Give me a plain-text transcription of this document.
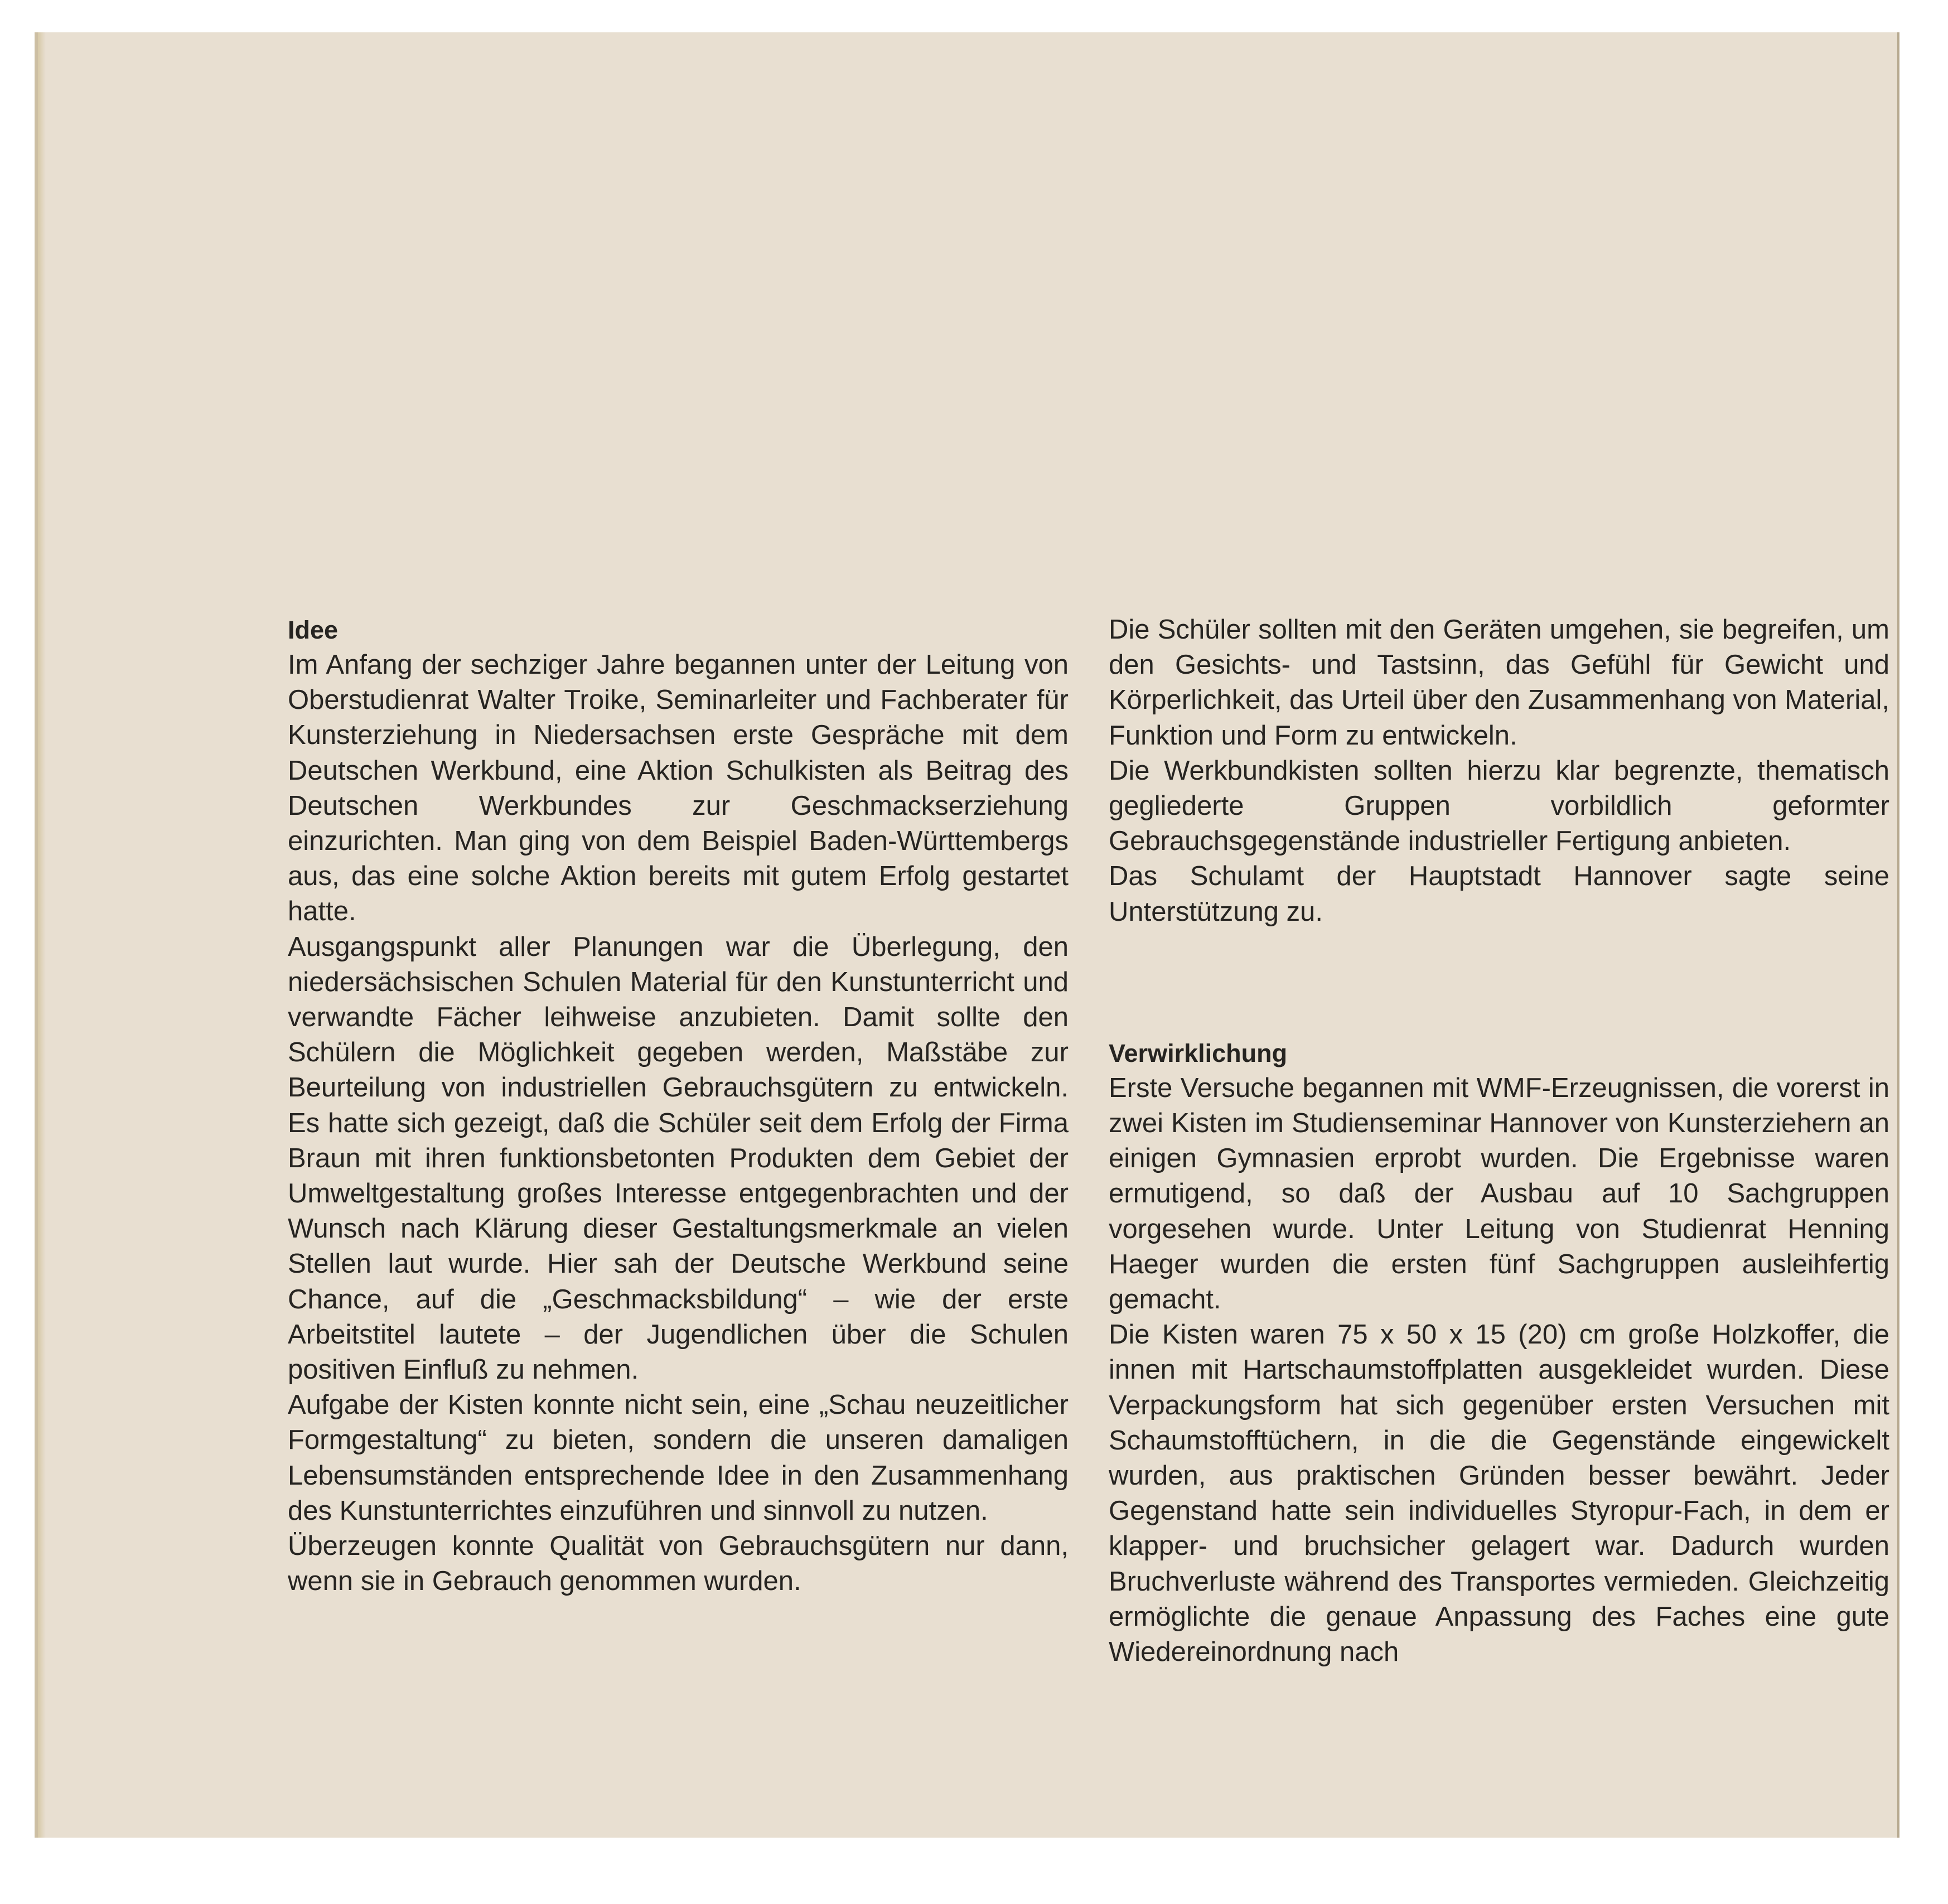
Idee

Im Anfang der sechziger Jahre begannen unter der Leitung von Oberstudienrat Walter Troike, Seminarleiter und Fachberater für Kunsterziehung in Niedersachsen erste Gespräche mit dem Deutschen Werkbund, eine Aktion Schulkisten als Beitrag des Deutschen Werkbundes zur Geschmackserziehung einzurichten. Man ging von dem Beispiel Baden-Württembergs aus, das eine solche Aktion bereits mit gutem Erfolg gestartet hatte.

Ausgangspunkt aller Planungen war die Überlegung, den niedersächsischen Schulen Material für den Kunstunterricht und verwandte Fächer leihweise anzubieten. Damit sollte den Schülern die Möglichkeit gegeben werden, Maßstäbe zur Beurteilung von industriellen Gebrauchsgütern zu entwickeln. Es hatte sich gezeigt, daß die Schüler seit dem Erfolg der Firma Braun mit ihren funktionsbetonten Produkten dem Gebiet der Umweltgestaltung großes Interesse entgegenbrachten und der Wunsch nach Klärung dieser Gestaltungsmerkmale an vielen Stellen laut wurde. Hier sah der Deutsche Werkbund seine Chance, auf die „Geschmacksbildung“ – wie der erste Arbeitstitel lautete – der Jugendlichen über die Schulen positiven Einfluß zu nehmen.

Aufgabe der Kisten konnte nicht sein, eine „Schau neuzeitlicher Formgestaltung“ zu bieten, sondern die unseren damaligen Lebensumständen entsprechende Idee in den Zusammenhang des Kunstunterrichtes einzuführen und sinnvoll zu nutzen.

Überzeugen konnte Qualität von Gebrauchsgütern nur dann, wenn sie in Gebrauch genommen wurden.

Die Schüler sollten mit den Geräten umgehen, sie begreifen, um den Gesichts- und Tastsinn, das Gefühl für Gewicht und Körperlichkeit, das Urteil über den Zusammenhang von Material, Funktion und Form zu entwickeln.

Die Werkbundkisten sollten hierzu klar begrenzte, thematisch gegliederte Gruppen vorbildlich geformter Gebrauchsgegenstände industrieller Fertigung anbieten.

Das Schulamt der Hauptstadt Hannover sagte seine Unterstützung zu.

Verwirklichung

Erste Versuche begannen mit WMF-Erzeugnissen, die vorerst in zwei Kisten im Studienseminar Hannover von Kunsterziehern an einigen Gymnasien erprobt wurden. Die Ergebnisse waren ermutigend, so daß der Ausbau auf 10 Sachgruppen vorgesehen wurde. Unter Leitung von Studienrat Henning Haeger wurden die ersten fünf Sachgruppen ausleihfertig gemacht.

Die Kisten waren 75 x 50 x 15 (20) cm große Holzkoffer, die innen mit Hartschaumstoffplatten ausgekleidet wurden. Diese Verpackungsform hat sich gegenüber ersten Versuchen mit Schaumstofftüchern, in die die Gegenstände eingewickelt wurden, aus praktischen Gründen besser bewährt. Jeder Gegenstand hatte sein individuelles Styropur-Fach, in dem er klapper- und bruchsicher gelagert war. Dadurch wurden Bruchverluste während des Transportes vermieden. Gleichzeitig ermöglichte die genaue Anpassung des Faches eine gute Wiedereinordnung nach
